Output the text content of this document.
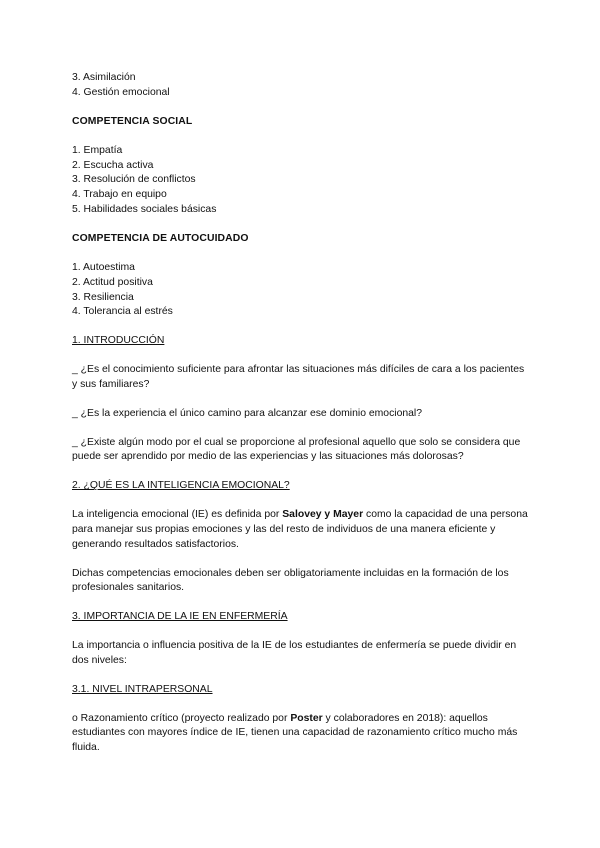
3. Asimilación
4. Gestión emocional
COMPETENCIA SOCIAL
1. Empatía
2. Escucha activa
3. Resolución de conflictos
4. Trabajo en equipo
5. Habilidades sociales básicas
COMPETENCIA DE AUTOCUIDADO
1. Autoestima
2. Actitud positiva
3. Resiliencia
4. Tolerancia al estrés
1. INTRODUCCIÓN

_ ¿Es el conocimiento suficiente para afrontar las situaciones más difíciles de cara a los pacientes y sus familiares?

_ ¿Es la experiencia el único camino para alcanzar ese dominio emocional?

_ ¿Existe algún modo por el cual se proporcione al profesional aquello que solo se considera que puede ser aprendido por medio de las experiencias y las situaciones más dolorosas?

2. ¿QUÉ ES LA INTELIGENCIA EMOCIONAL?

La inteligencia emocional (IE) es definida por Salovey y Mayer como la capacidad de una persona para manejar sus propias emociones y las del resto de individuos de una manera eficiente y generando resultados satisfactorios.

Dichas competencias emocionales deben ser obligatoriamente incluidas en la formación de los profesionales sanitarios.

3. IMPORTANCIA DE LA IE EN ENFERMERÍA

La importancia o influencia positiva de la IE de los estudiantes de enfermería se puede dividir en dos niveles:

3.1. NIVEL INTRAPERSONAL

o Razonamiento crítico (proyecto realizado por Poster y colaboradores en 2018): aquellos estudiantes con mayores índice de IE, tienen una capacidad de razonamiento crítico mucho más fluida.
